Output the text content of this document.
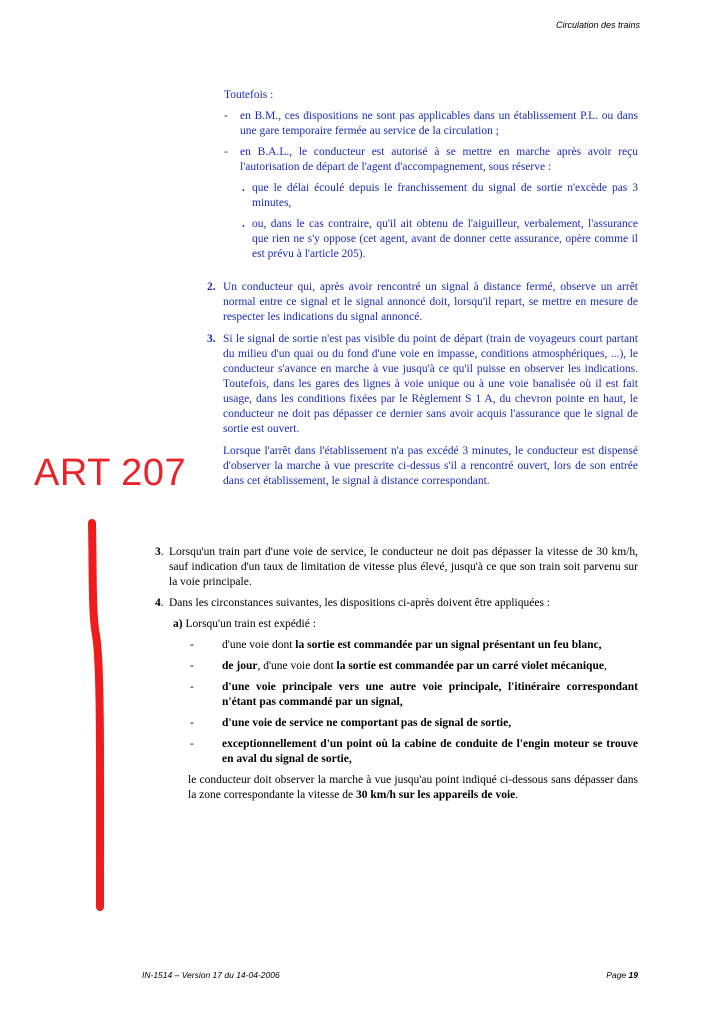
Circulation des trains

Toutefois :

- en B.M., ces dispositions ne sont pas applicables dans un établissement P.L. ou dans une gare temporaire fermée au service de la circulation ;
- en B.A.L., le conducteur est autorisé à se mettre en marche après avoir reçu l'autorisation de départ de l'agent d'accompagnement, sous réserve :
. que le délai écoulé depuis le franchissement du signal de sortie n'excède pas 3 minutes,
. ou, dans le cas contraire, qu'il ait obtenu de l'aiguilleur, verbalement, l'assurance que rien ne s'y oppose (cet agent, avant de donner cette assurance, opère comme il est prévu à l'article 205).
2. Un conducteur qui, après avoir rencontré un signal à distance fermé, observe un arrêt normal entre ce signal et le signal annoncé doit, lorsqu'il repart, se mettre en mesure de respecter les indications du signal annoncé.
3. Si le signal de sortie n'est pas visible du point de départ (train de voyageurs court partant du milieu d'un quai ou du fond d'une voie en impasse, conditions atmosphériques, ...), le conducteur s'avance en marche à vue jusqu'à ce qu'il puisse en observer les indications. Toutefois, dans les gares des lignes à voie unique ou à une voie banalisée où il est fait usage, dans les conditions fixées par le Règlement S 1 A, du chevron pointe en haut, le conducteur ne doit pas dépasser ce dernier sans avoir acquis l'assurance que le signal de sortie est ouvert.

Lorsque l'arrêt dans l'établissement n'a pas excédé 3 minutes, le conducteur est dispensé d'observer la marche à vue prescrite ci-dessus s'il a rencontré ouvert, lors de son entrée dans cet établissement, le signal à distance correspondant.

ART 207
3. Lorsqu'un train part d'une voie de service, le conducteur ne doit pas dépasser la vitesse de 30 km/h, sauf indication d'un taux de limitation de vitesse plus élevé, jusqu'à ce que son train soit parvenu sur la voie principale.
4. Dans les circonstances suivantes, les dispositions ci-après doivent être appliquées :

a) Lorsqu'un train est expédié :

- d'une voie dont la sortie est commandée par un signal présentant un feu blanc,
- de jour, d'une voie dont la sortie est commandée par un carré violet mécanique,
- d'une voie principale vers une autre voie principale, l'itinéraire correspondant n'étant pas commandé par un signal,
- d'une voie de service ne comportant pas de signal de sortie,
- exceptionnellement d'un point où la cabine de conduite de l'engin moteur se trouve en aval du signal de sortie,

le conducteur doit observer la marche à vue jusqu'au point indiqué ci-dessous sans dépasser dans la zone correspondante la vitesse de 30 km/h sur les appareils de voie.

IN-1514 – Version 17 du 14-04-2006	Page 19
